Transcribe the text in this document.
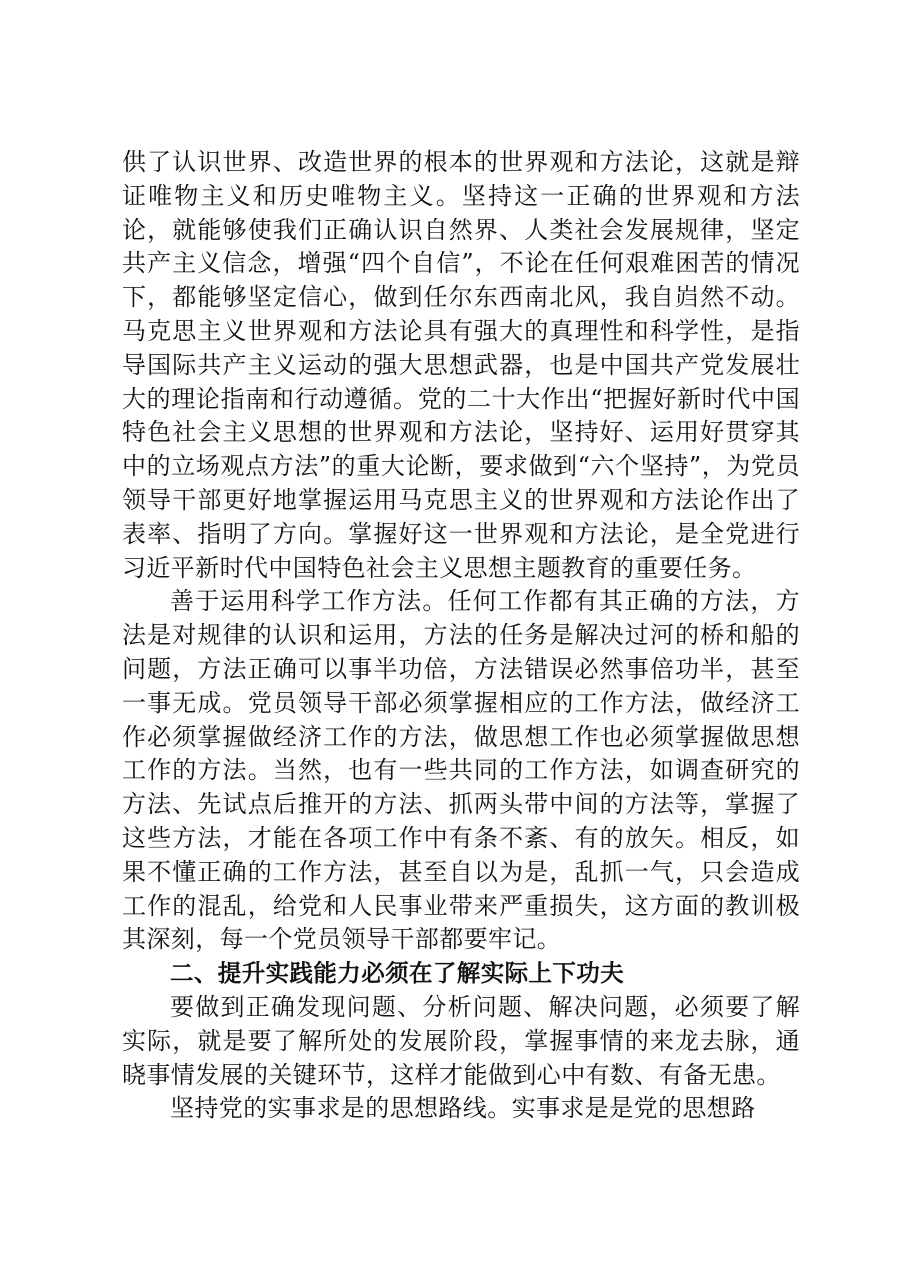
供了认识世界、改造世界的根本的世界观和方法论，这就是辩证唯物主义和历史唯物主义。坚持这一正确的世界观和方法论，就能够使我们正确认识自然界、人类社会发展规律，坚定共产主义信念，增强“四个自信”，不论在任何艰难困苦的情况下，都能够坚定信心，做到任尔东西南北风，我自岿然不动。马克思主义世界观和方法论具有强大的真理性和科学性，是指导国际共产主义运动的强大思想武器，也是中国共产党发展壮大的理论指南和行动遵循。党的二十大作出“把握好新时代中国特色社会主义思想的世界观和方法论，坚持好、运用好贯穿其中的立场观点方法”的重大论断，要求做到“六个坚持”，为党员领导干部更好地掌握运用马克思主义的世界观和方法论作出了表率、指明了方向。掌握好这一世界观和方法论，是全党进行习近平新时代中国特色社会主义思想主题教育的重要任务。

善于运用科学工作方法。任何工作都有其正确的方法，方法是对规律的认识和运用，方法的任务是解决过河的桥和船的问题，方法正确可以事半功倍，方法错误必然事倍功半，甚至一事无成。党员领导干部必须掌握相应的工作方法，做经济工作必须掌握做经济工作的方法，做思想工作也必须掌握做思想工作的方法。当然，也有一些共同的工作方法，如调查研究的方法、先试点后推开的方法、抓两头带中间的方法等，掌握了这些方法，才能在各项工作中有条不紊、有的放矢。相反，如果不懂正确的工作方法，甚至自以为是，乱抓一气，只会造成工作的混乱，给党和人民事业带来严重损失，这方面的教训极其深刻，每一个党员领导干部都要牢记。

二、提升实践能力必须在了解实际上下功夫

要做到正确发现问题、分析问题、解决问题，必须要了解实际，就是要了解所处的发展阶段，掌握事情的来龙去脉，通晓事情发展的关键环节，这样才能做到心中有数、有备无患。

坚持党的实事求是的思想路线。实事求是是党的思想路
